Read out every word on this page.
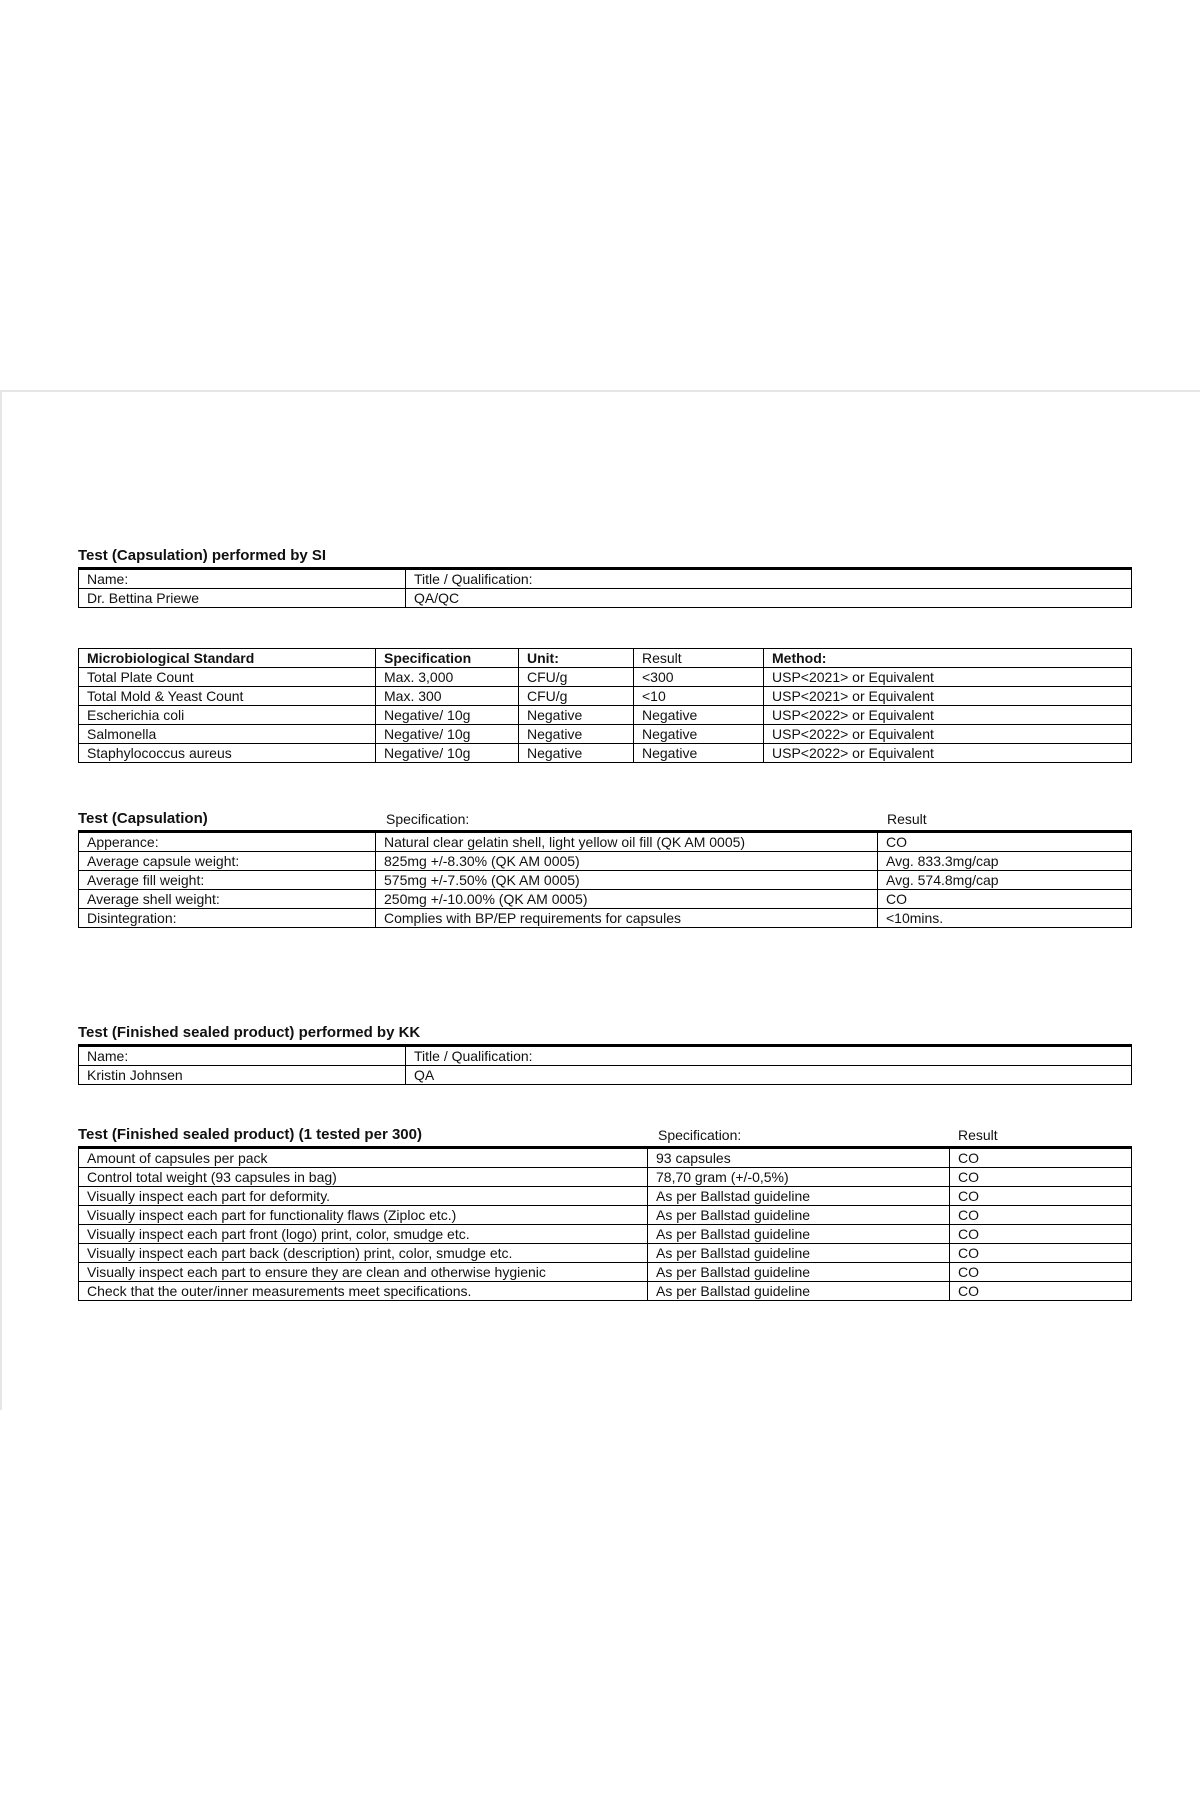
Test (Capsulation) performed by SI
Name:	Title / Qualification:
Dr. Bettina Priewe	QA/QC
Microbiological Standard	Specification	Unit:	Result	Method:
Total Plate Count	Max. 3,000	CFU/g	<300	USP<2021> or Equivalent
Total Mold & Yeast Count	Max. 300	CFU/g	<10	USP<2021> or Equivalent
Escherichia coli	Negative/ 10g	Negative	Negative	USP<2022> or Equivalent
Salmonella	Negative/ 10g	Negative	Negative	USP<2022> or Equivalent
Staphylococcus aureus	Negative/ 10g	Negative	Negative	USP<2022> or Equivalent
Test (Capsulation)	Specification:	Result
Apperance:	Natural clear gelatin shell, light yellow oil fill (QK AM 0005)	CO
Average capsule weight:	825mg +/-8.30% (QK AM 0005)	Avg. 833.3mg/cap
Average fill weight:	575mg +/-7.50% (QK AM 0005)	Avg. 574.8mg/cap
Average shell weight:	250mg +/-10.00% (QK AM 0005)	CO
Disintegration:	Complies with BP/EP requirements for capsules	<10mins.
Test (Finished sealed product) performed by KK
Name:	Title / Qualification:
Kristin Johnsen	QA
Test (Finished sealed product) (1 tested per 300)	Specification:	Result
Amount of capsules per pack	93 capsules	CO
Control total weight (93 capsules in bag)	78,70 gram (+/-0,5%)	CO
Visually inspect each part for deformity.	As per Ballstad guideline	CO
Visually inspect each part for functionality flaws (Ziploc etc.)	As per Ballstad guideline	CO
Visually inspect each part front (logo) print, color, smudge etc.	As per Ballstad guideline	CO
Visually inspect each part back (description) print, color, smudge etc.	As per Ballstad guideline	CO
Visually inspect each part to ensure they are clean and otherwise hygienic	As per Ballstad guideline	CO
Check that the outer/inner measurements meet specifications.	As per Ballstad guideline	CO
